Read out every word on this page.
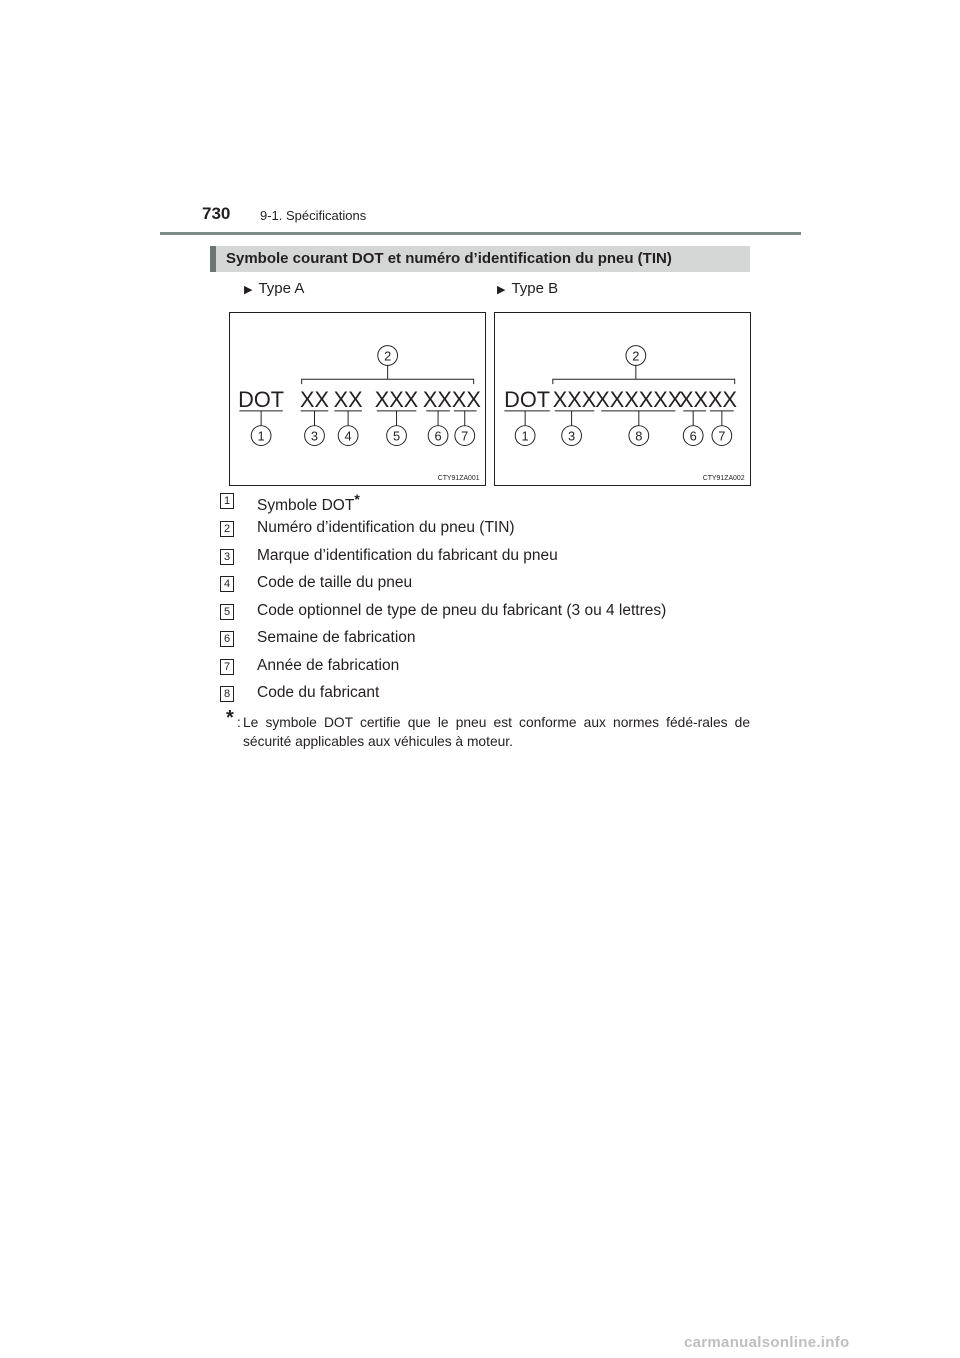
730 9-1. Spécifications
Symbole courant DOT et numéro d’identification du pneu (TIN)
▶ Type A	▶ Type B
2
DOT XX XX XXX XXXX
1	3 4	5	6 7
CTY91ZA001
2
DOT XXX XXXXXX
XXXX
1	3	8	6 7
CTY91ZA002
1 Symbole DOT*
2 Numéro d’identification du pneu (TIN)
3 Marque d’identification du fabricant du pneu
4 Code de taille du pneu
5 Code optionnel de type de pneu du fabricant (3 ou 4 lettres)
6 Semaine de fabrication
7 Année de fabrication
8 Code du fabricant
* : Le symbole DOT certifie que le pneu est conforme aux normes fédé-rales de sécurité applicables aux véhicules à moteur.
carmanualsonline.info
